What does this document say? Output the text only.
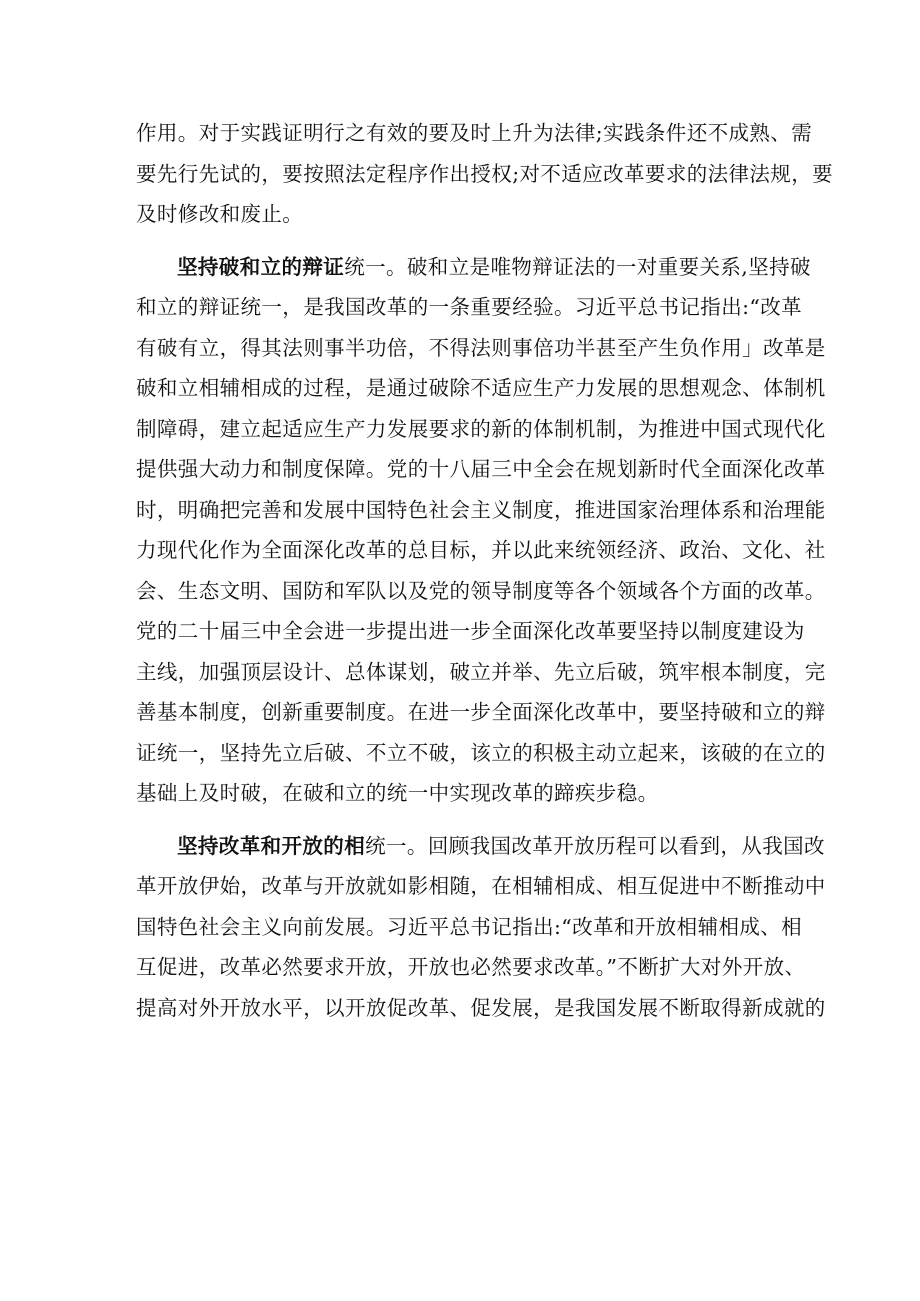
作用。对于实践证明行之有效的要及时上升为法律;实践条件还不成熟、需
要先行先试的，要按照法定程序作出授权;对不适应改革要求的法律法规，要
及时修改和废止。
坚持破和立的辩证统一。破和立是唯物辩证法的一对重要关系,坚持破
和立的辩证统一，是我国改革的一条重要经验。习近平总书记指出:“改革
有破有立，得其法则事半功倍，不得法则事倍功半甚至产生负作用」改革是
破和立相辅相成的过程，是通过破除不适应生产力发展的思想观念、体制机
制障碍，建立起适应生产力发展要求的新的体制机制，为推进中国式现代化
提供强大动力和制度保障。党的十八届三中全会在规划新时代全面深化改革
时，明确把完善和发展中国特色社会主义制度，推进国家治理体系和治理能
力现代化作为全面深化改革的总目标，并以此来统领经济、政治、文化、社
会、生态文明、国防和军队以及党的领导制度等各个领域各个方面的改革。
党的二十届三中全会进一步提出进一步全面深化改革要坚持以制度建设为
主线，加强顶层设计、总体谋划，破立并举、先立后破，筑牢根本制度，完
善基本制度，创新重要制度。在进一步全面深化改革中，要坚持破和立的辩
证统一，坚持先立后破、不立不破，该立的积极主动立起来，该破的在立的
基础上及时破，在破和立的统一中实现改革的蹄疾步稳。
坚持改革和开放的相统一。回顾我国改革开放历程可以看到，从我国改
革开放伊始，改革与开放就如影相随，在相辅相成、相互促进中不断推动中
国特色社会主义向前发展。习近平总书记指出:“改革和开放相辅相成、相
互促进，改革必然要求开放，开放也必然要求改革。”不断扩大对外开放、
提高对外开放水平，以开放促改革、促发展，是我国发展不断取得新成就的
